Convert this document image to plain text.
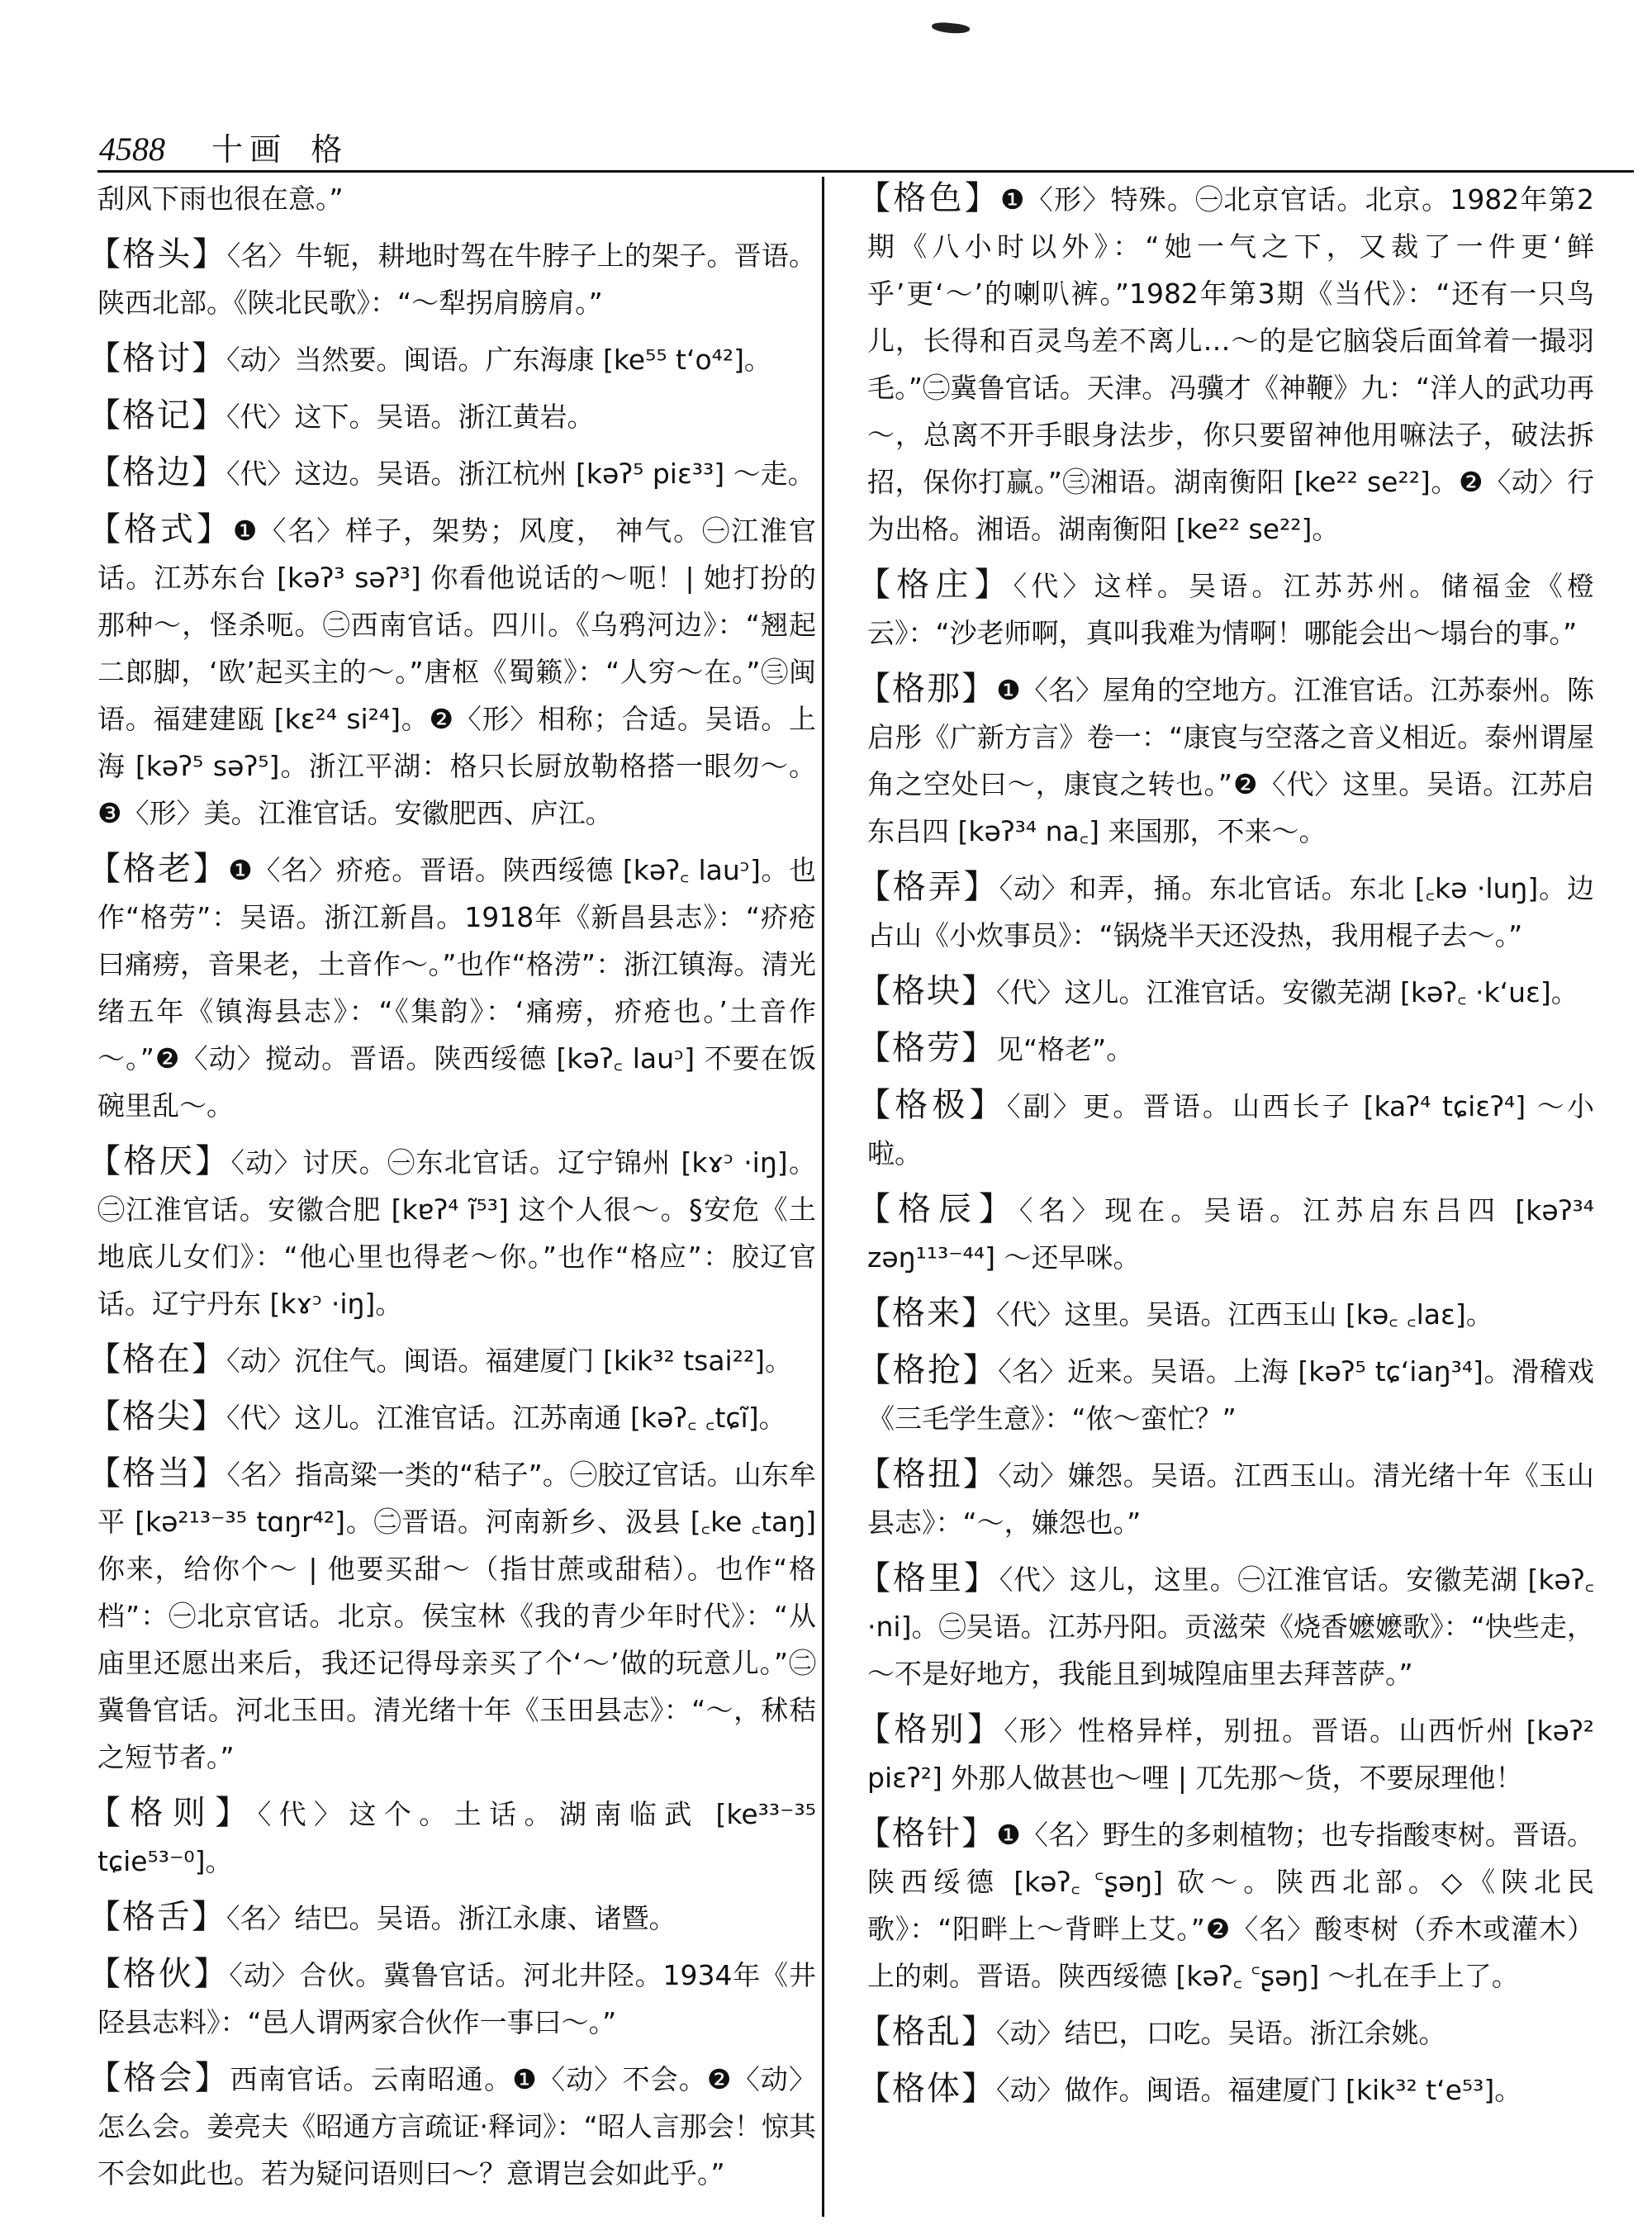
4588 十画 格
刮风下雨也很在意。”
【格头】〈名〉牛轭，耕地时驾在牛脖子上的架子。晋语。陕西北部。《陕北民歌》：“～犁拐肩膀肩。”
【格讨】〈动〉当然要。闽语。广东海康 [ke⁵⁵ t‘o⁴²]。
【格记】〈代〉这下。吴语。浙江黄岩。
【格边】〈代〉这边。吴语。浙江杭州 [kəʔ⁵ piɛ³³] ～走。
【格式】❶〈名〉样子，架势；风度， 神气。㊀江淮官话。江苏东台 [kəʔ³ səʔ³] 你看他说话的～呃！| 她打扮的那种～，怪杀呃。㊁西南官话。四川。《乌鸦河边》：“翘起二郎脚，‘欧’起买主的～。”唐枢《蜀籁》：“人穷～在。”㊂闽语。福建建瓯 [kɛ²⁴ si²⁴]。❷〈形〉相称；合适。吴语。上海 [kəʔ⁵ səʔ⁵]。浙江平湖：格只长厨放勒格搭一眼勿～。❸〈形〉美。江淮官话。安徽肥西、庐江。
【格老】❶〈名〉疥疮。晋语。陕西绥德 [kəʔ꜀ lauᵓ]。也作“格劳”：吴语。浙江新昌。1918年《新昌县志》：“疥疮曰痛痨，音果老，土音作～。”也作“格涝”：浙江镇海。清光绪五年《镇海县志》：“《集韵》：‘痛痨，疥疮也。’土音作～。”❷〈动〉搅动。晋语。陕西绥德 [kəʔ꜀ lauᵓ] 不要在饭碗里乱～。
【格厌】〈动〉讨厌。㊀东北官话。辽宁锦州 [kɤᵓ ·iŋ]。㊁江淮官话。安徽合肥 [kɐʔ⁴ ĩ⁵³] 这个人很～。§安危《土地底儿女们》：“他心里也得老～你。”也作“格应”：胶辽官话。辽宁丹东 [kɤᵓ ·iŋ]。
【格在】〈动〉沉住气。闽语。福建厦门 [kik³² tsai²²]。
【格尖】〈代〉这儿。江淮官话。江苏南通 [kəʔ꜀ ꜀tɕĩ]。
【格当】〈名〉指高粱一类的“秸子”。㊀胶辽官话。山东牟平 [kə²¹³⁻³⁵ tɑŋr⁴²]。㊁晋语。河南新乡、汲县 [꜀ke ꜀taŋ] 你来，给你个～ | 他要买甜～（指甘蔗或甜秸）。也作“格档”：㊀北京官话。北京。侯宝林《我的青少年时代》：“从庙里还愿出来后，我还记得母亲买了个‘～’做的玩意儿。”㊁冀鲁官话。河北玉田。清光绪十年《玉田县志》：“～，秫秸之短节者。”
【格则】〈代〉这个。土话。湖南临武 [ke³³⁻³⁵ tɕie⁵³⁻⁰]。
【格舌】〈名〉结巴。吴语。浙江永康、诸暨。
【格伙】〈动〉合伙。冀鲁官话。河北井陉。1934年《井陉县志料》：“邑人谓两家合伙作一事曰～。”
【格会】西南官话。云南昭通。❶〈动〉不会。❷〈动〉怎么会。姜亮夫《昭通方言疏证·释词》：“昭人言那会！惊其不会如此也。若为疑问语则曰～？意谓岂会如此乎。”
【格色】❶〈形〉特殊。㊀北京官话。北京。1982年第2期《八小时以外》：“她一气之下，又裁了一件更‘鲜乎’更‘～’的喇叭裤。”1982年第3期《当代》：“还有一只鸟儿，长得和百灵鸟差不离儿…～的是它脑袋后面耸着一撮羽毛。”㊁冀鲁官话。天津。冯骥才《神鞭》九：“洋人的武功再～，总离不开手眼身法步，你只要留神他用嘛法子，破法拆招，保你打赢。”㊂湘语。湖南衡阳 [ke²² se²²]。❷〈动〉行为出格。湘语。湖南衡阳 [ke²² se²²]。
【格庄】〈代〉这样。吴语。江苏苏州。储福金《橙云》：“沙老师啊，真叫我难为情啊！哪能会出～塌台的事。”
【格那】❶〈名〉屋角的空地方。江淮官话。江苏泰州。陈启彤《广新方言》卷一：“康㝗与空落之音义相近。泰州谓屋角之空处曰～，康㝗之转也。”❷〈代〉这里。吴语。江苏启东吕四 [kəʔ³⁴ na꜀] 来国那，不来～。
【格弄】〈动〉和弄，捅。东北官话。东北 [꜀kə ·luŋ]。边占山《小炊事员》：“锅烧半天还没热，我用棍子去～。”
【格块】〈代〉这儿。江淮官话。安徽芜湖 [kəʔ꜀ ·k‘uɛ]。
【格劳】见“格老”。
【格极】〈副〉更。晋语。山西长子 [kaʔ⁴ tɕiɛʔ⁴] ～小啦。
【格辰】〈名〉现在。吴语。江苏启东吕四 [kəʔ³⁴ zəŋ¹¹³⁻⁴⁴] ～还早咪。
【格来】〈代〉这里。吴语。江西玉山 [kə꜀ ꜀laɛ]。
【格抢】〈名〉近来。吴语。上海 [kəʔ⁵ tɕ‘iaŋ³⁴]。滑稽戏《三毛学生意》：“侬～蛮忙？”
【格扭】〈动〉嫌怨。吴语。江西玉山。清光绪十年《玉山县志》：“～，嫌怨也。”
【格里】〈代〉这儿，这里。㊀江淮官话。安徽芜湖 [kəʔ꜀ ·ni]。㊁吴语。江苏丹阳。贡滋荣《烧香嬷嬷歌》：“快些走，～不是好地方，我能且到城隍庙里去拜菩萨。”
【格别】〈形〉性格异样，别扭。晋语。山西忻州 [kəʔ² piɛʔ²] 外那人做甚也～哩 | 兀先那～货，不要尿理他！
【格针】❶〈名〉野生的多刺植物；也专指酸枣树。晋语。陕西绥德 [kəʔ꜀ ꜂ʂəŋ] 砍～。陕西北部。◇《陕北民歌》：“阳畔上～背畔上艾。”❷〈名〉酸枣树（乔木或灌木）上的刺。晋语。陕西绥德 [kəʔ꜀ ꜂ʂəŋ] ～扎在手上了。
【格乱】〈动〉结巴，口吃。吴语。浙江余姚。
【格体】〈动〉做作。闽语。福建厦门 [kik³² t‘e⁵³]。
